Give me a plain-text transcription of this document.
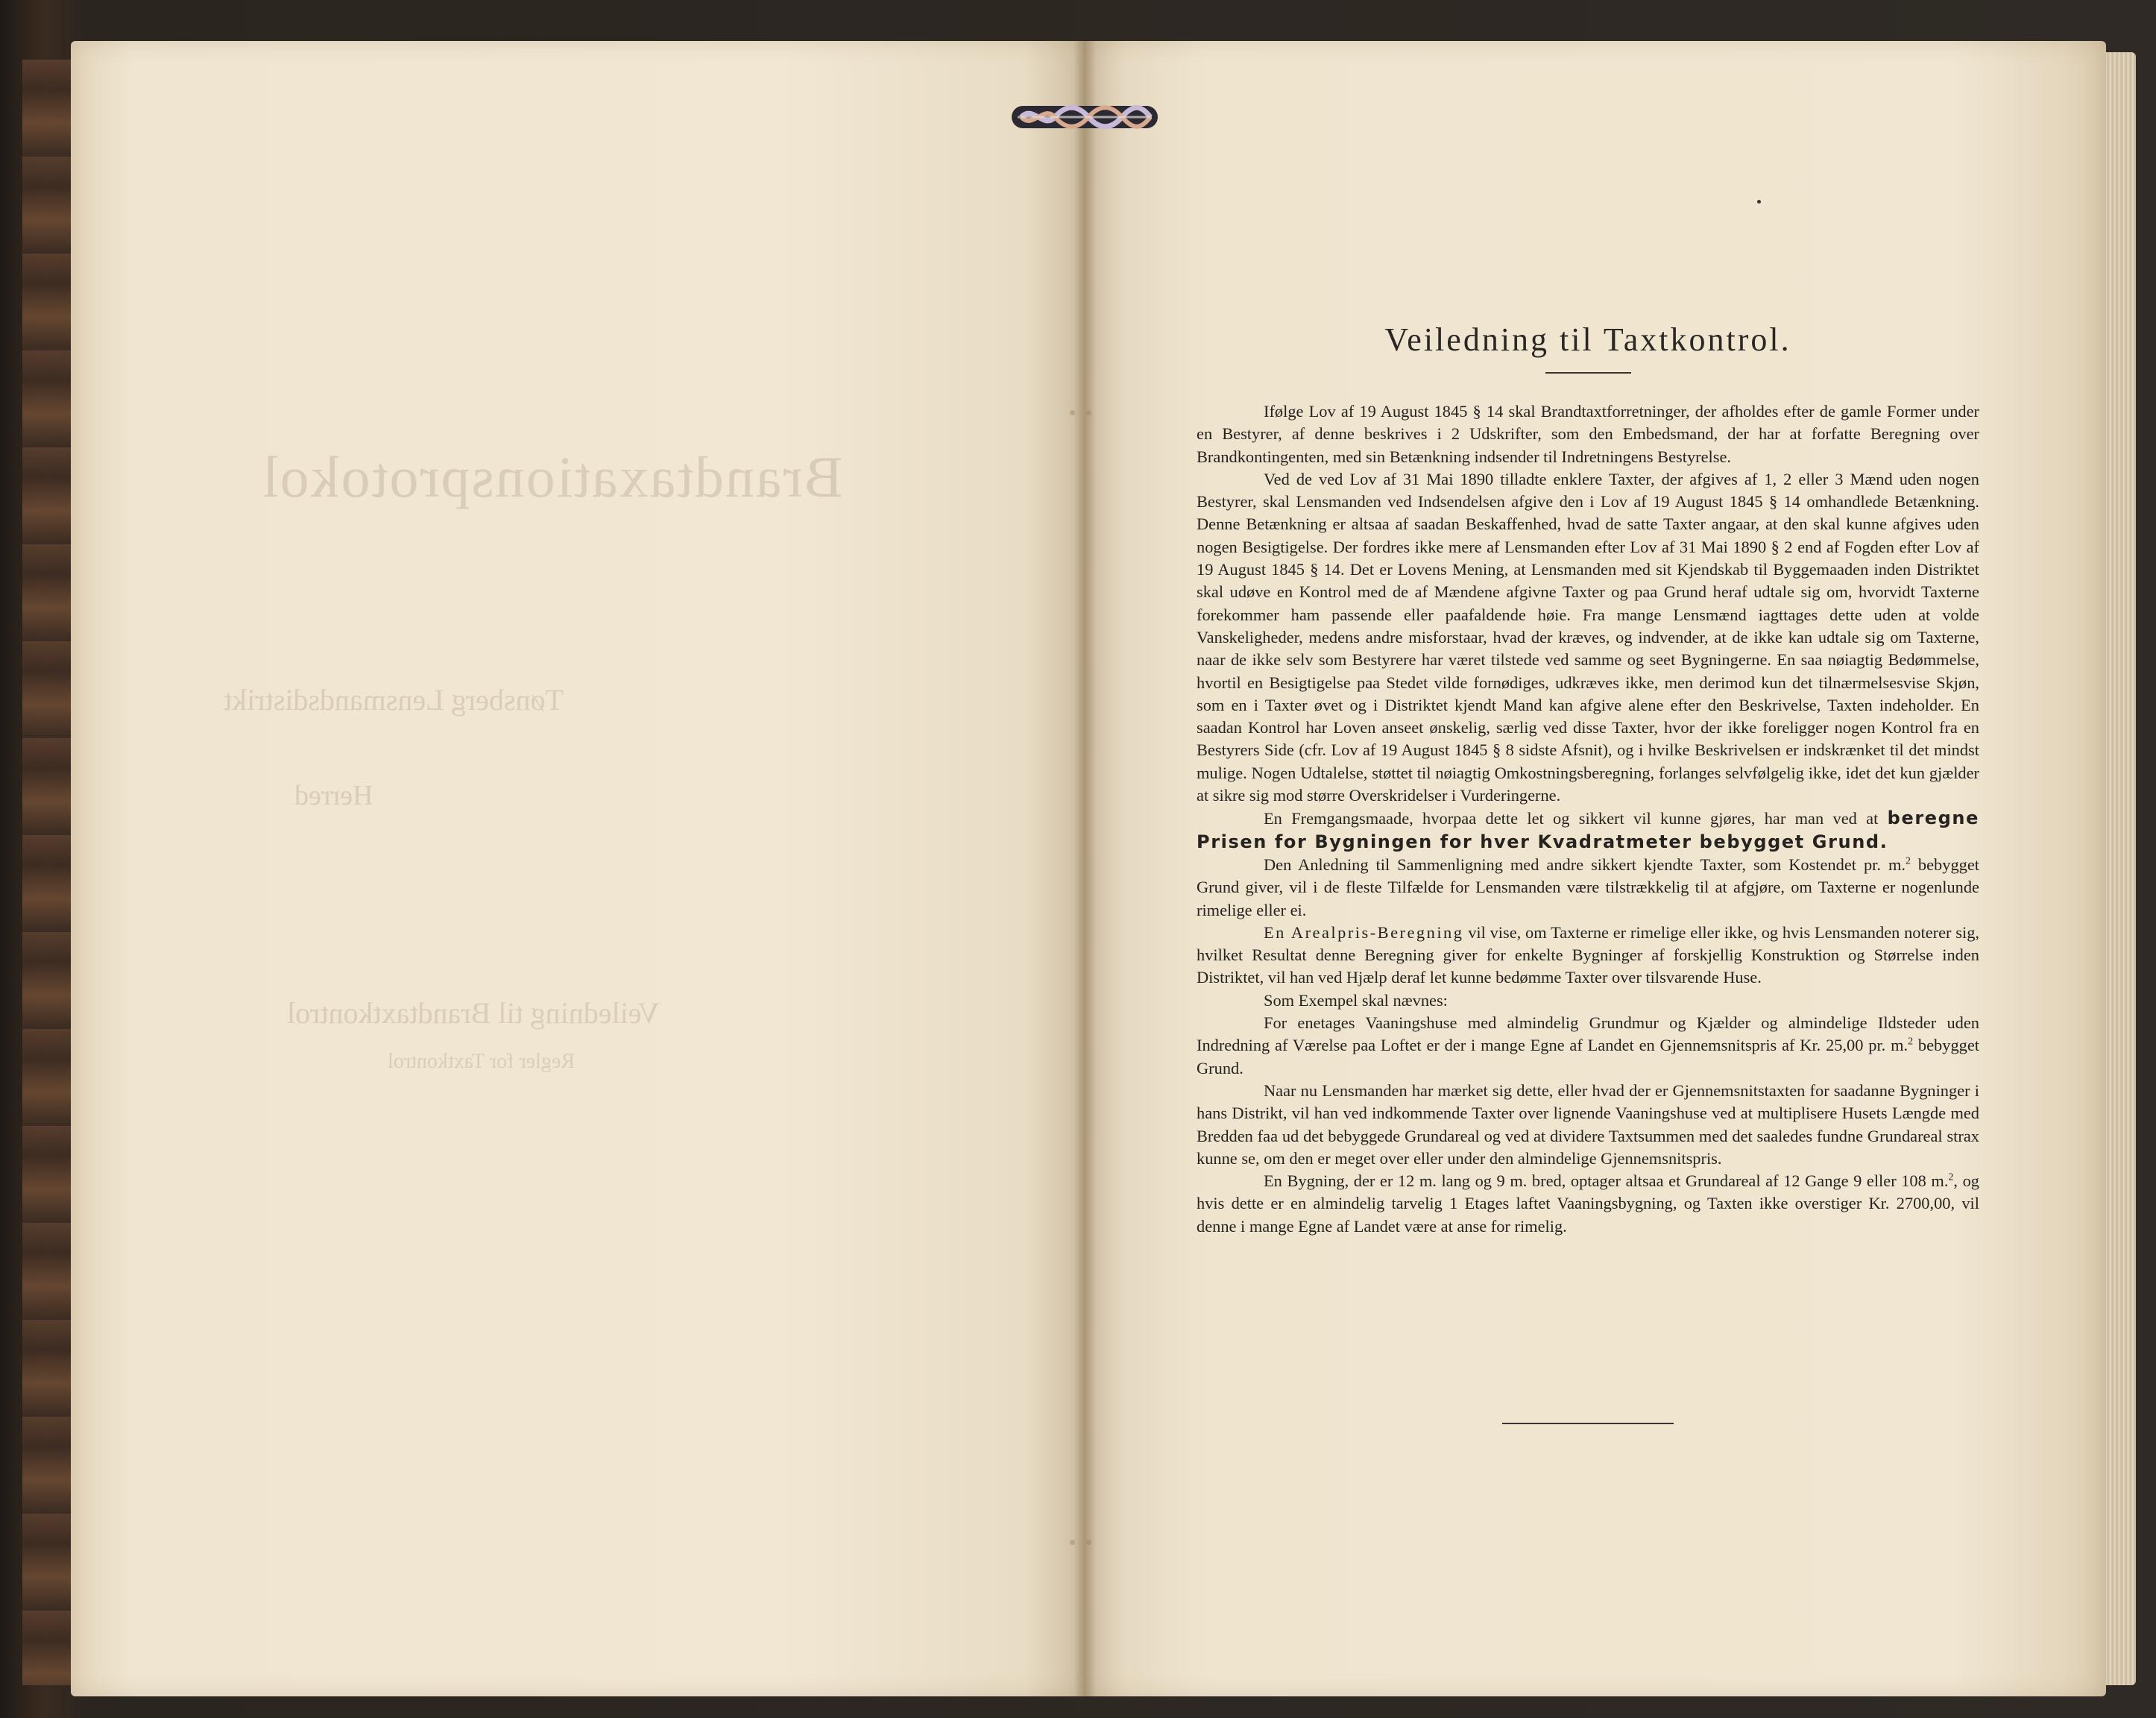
Brandtaxationsprotokol
Tønsberg Lensmandsdistrikt
Herred
Veiledning til Brandtaxtkontrol
Regler for Taxtkontrol
Veiledning til Taxtkontrol.

Ifølge Lov af 19 August 1845 § 14 skal Brandtaxtforretninger, der afholdes efter de gamle Former under en Bestyrer, af denne beskrives i 2 Udskrifter, som den Embedsmand, der har at forfatte Beregning over Brandkontingenten, med sin Betænkning indsender til Indretningens Bestyrelse.

Ved de ved Lov af 31 Mai 1890 tilladte enklere Taxter, der afgives af 1, 2 eller 3 Mænd uden nogen Bestyrer, skal Lensmanden ved Indsendelsen afgive den i Lov af 19 August 1845 § 14 omhandlede Betænkning. Denne Betænkning er altsaa af saadan Beskaffenhed, hvad de satte Taxter angaar, at den skal kunne afgives uden nogen Besigtigelse. Der fordres ikke mere af Lensmanden efter Lov af 31 Mai 1890 § 2 end af Fogden efter Lov af 19 August 1845 § 14. Det er Lovens Mening, at Lensmanden med sit Kjendskab til Byggemaaden inden Distriktet skal udøve en Kontrol med de af Mændene afgivne Taxter og paa Grund heraf udtale sig om, hvorvidt Taxterne forekommer ham passende eller paafaldende høie. Fra mange Lensmænd iagttages dette uden at volde Vanskeligheder, medens andre misforstaar, hvad der kræves, og indvender, at de ikke kan udtale sig om Taxterne, naar de ikke selv som Bestyrere har været tilstede ved samme og seet Bygningerne. En saa nøiagtig Bedømmelse, hvortil en Besigtigelse paa Stedet vilde fornødiges, udkræves ikke, men derimod kun det tilnærmelsesvise Skjøn, som en i Taxter øvet og i Distriktet kjendt Mand kan afgive alene efter den Beskrivelse, Taxten indeholder. En saadan Kontrol har Loven anseet ønskelig, særlig ved disse Taxter, hvor der ikke foreligger nogen Kontrol fra en Bestyrers Side (cfr. Lov af 19 August 1845 § 8 sidste Afsnit), og i hvilke Beskrivelsen er indskrænket til det mindst mulige. Nogen Udtalelse, støttet til nøiagtig Omkostningsberegning, forlanges selvfølgelig ikke, idet det kun gjælder at sikre sig mod større Overskridelser i Vurderingerne.

En Fremgangsmaade, hvorpaa dette let og sikkert vil kunne gjøres, har man ved at beregne Prisen for Bygningen for hver Kvadratmeter bebygget Grund.

Den Anledning til Sammenligning med andre sikkert kjendte Taxter, som Kostendet pr. m.$^2$ bebygget Grund giver, vil i de fleste Tilfælde for Lensmanden være tilstrækkelig til at afgjøre, om Taxterne er nogenlunde rimelige eller ei.

En Arealpris-Beregning vil vise, om Taxterne er rimelige eller ikke, og hvis Lensmanden noterer sig, hvilket Resultat denne Beregning giver for enkelte Bygninger af forskjellig Konstruktion og Størrelse inden Distriktet, vil han ved Hjælp deraf let kunne bedømme Taxter over tilsvarende Huse.

Som Exempel skal nævnes:

For enetages Vaaningshuse med almindelig Grundmur og Kjælder og almindelige Ildsteder uden Indredning af Værelse paa Loftet er der i mange Egne af Landet en Gjennemsnitspris af Kr. 25,00 pr. m.$^2$ bebygget Grund.

Naar nu Lensmanden har mærket sig dette, eller hvad der er Gjennemsnitstaxten for saadanne Bygninger i hans Distrikt, vil han ved indkommende Taxter over lignende Vaaningshuse ved at multiplisere Husets Længde med Bredden faa ud det bebyggede Grundareal og ved at dividere Taxtsummen med det saaledes fundne Grundareal strax kunne se, om den er meget over eller under den almindelige Gjennemsnitspris.

En Bygning, der er 12 m. lang og 9 m. bred, optager altsaa et Grundareal af 12 Gange 9 eller 108 m.$^2$, og hvis dette er en almindelig tarvelig 1 Etages laftet Vaaningsbygning, og Taxten ikke overstiger Kr. 2700,00, vil denne i mange Egne af Landet være at anse for rimelig.
